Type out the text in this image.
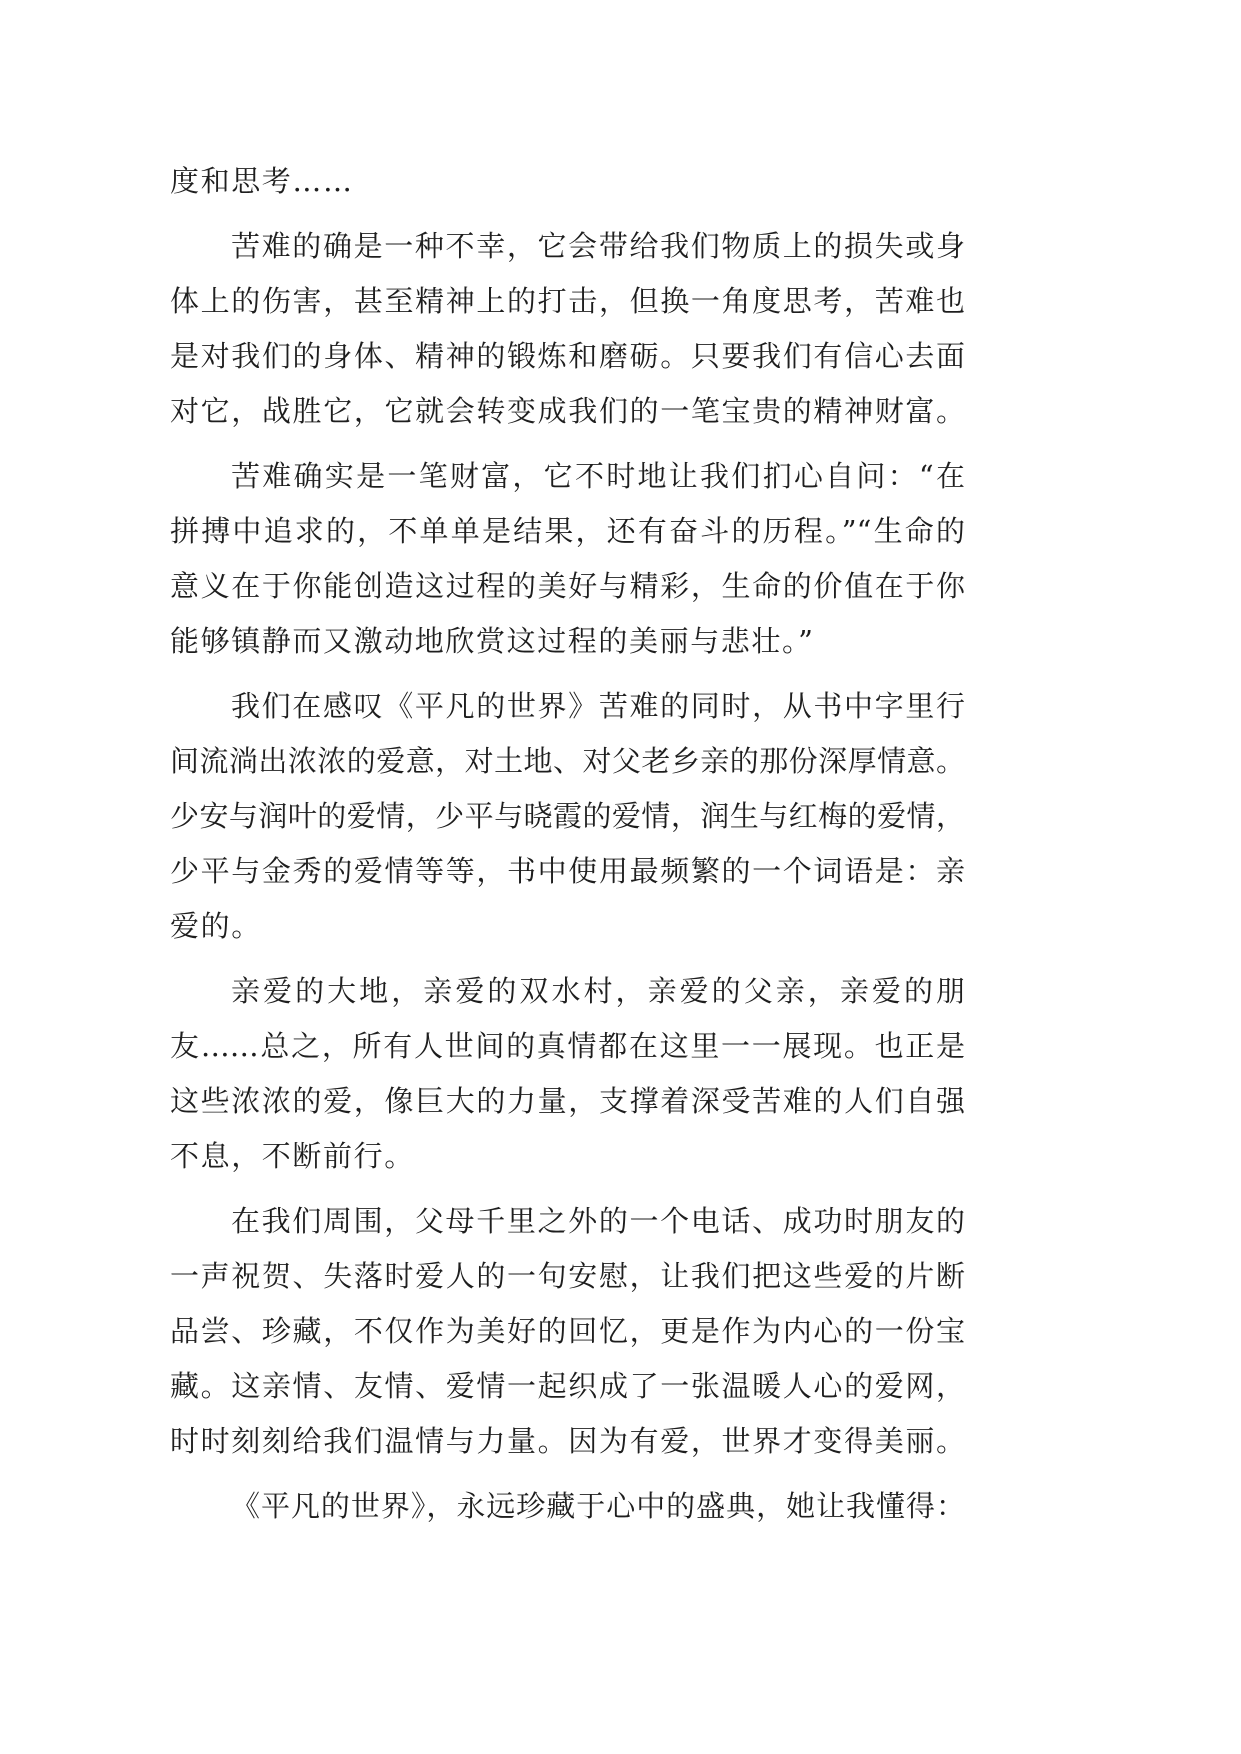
度和思考……
苦难的确是一种不幸，它会带给我们物质上的损失或身
体上的伤害，甚至精神上的打击，但换一角度思考，苦难也
是对我们的身体、精神的锻炼和磨砺。只要我们有信心去面
对它，战胜它，它就会转变成我们的一笔宝贵的精神财富。
苦难确实是一笔财富，它不时地让我们扪心自问：“在
拼搏中追求的，不单单是结果，还有奋斗的历程。”“生命的
意义在于你能创造这过程的美好与精彩，生命的价值在于你
能够镇静而又激动地欣赏这过程的美丽与悲壮。”
我们在感叹《平凡的世界》苦难的同时，从书中字里行
间流淌出浓浓的爱意，对土地、对父老乡亲的那份深厚情意。
少安与润叶的爱情，少平与晓霞的爱情，润生与红梅的爱情，
少平与金秀的爱情等等，书中使用最频繁的一个词语是：亲
爱的。
亲爱的大地，亲爱的双水村，亲爱的父亲，亲爱的朋
友……总之，所有人世间的真情都在这里一一展现。也正是
这些浓浓的爱，像巨大的力量，支撑着深受苦难的人们自强
不息，不断前行。
在我们周围，父母千里之外的一个电话、成功时朋友的
一声祝贺、失落时爱人的一句安慰，让我们把这些爱的片断
品尝、珍藏，不仅作为美好的回忆，更是作为内心的一份宝
藏。这亲情、友情、爱情一起织成了一张温暖人心的爱网，
时时刻刻给我们温情与力量。因为有爱，世界才变得美丽。
《平凡的世界》，永远珍藏于心中的盛典，她让我懂得：
